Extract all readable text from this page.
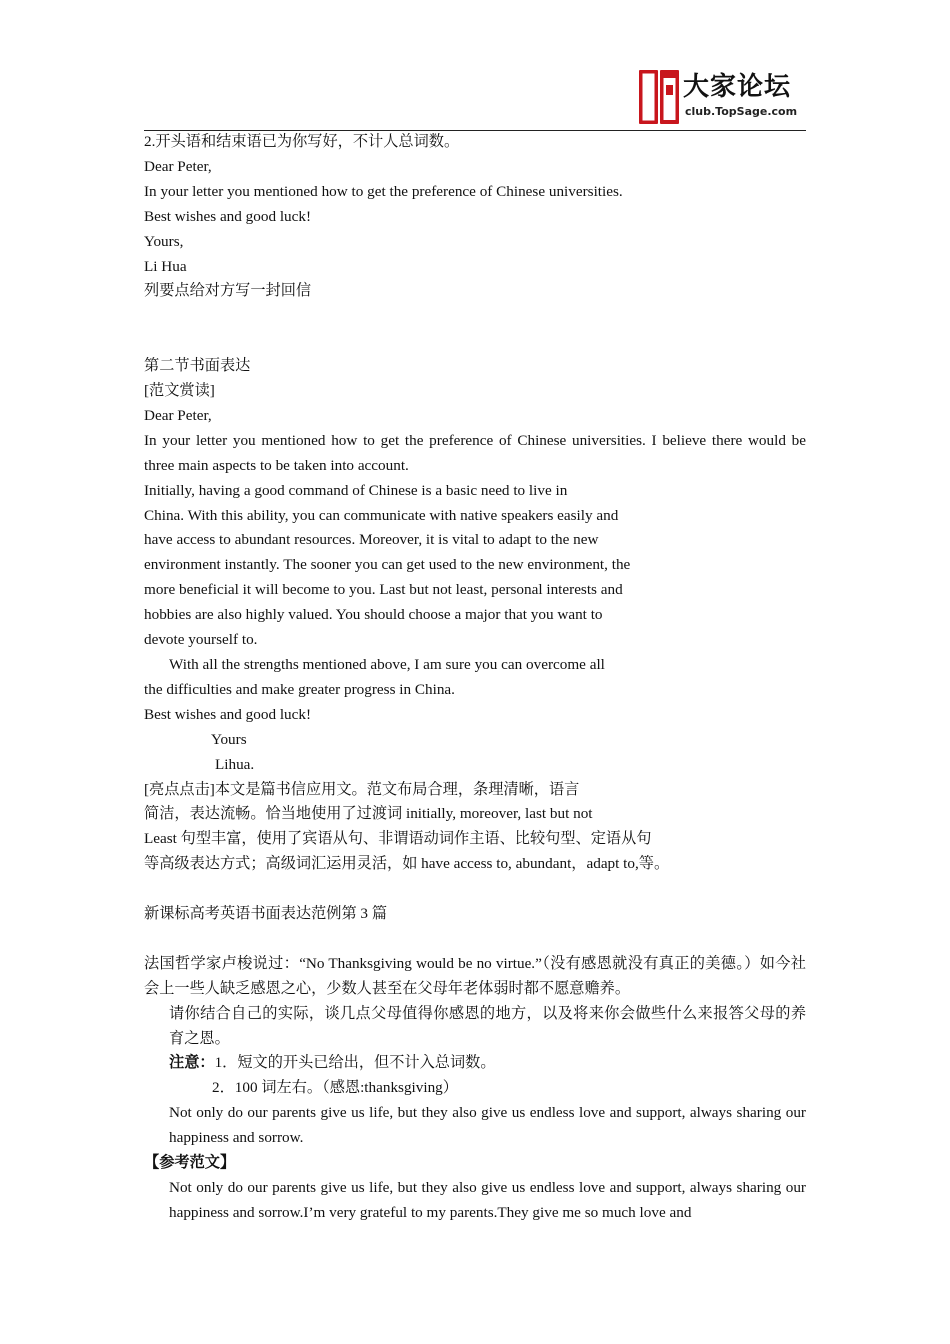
大家论坛
club.TopSage.com
2.开头语和结束语已为你写好，不计人总词数。
Dear Peter,
In your letter you mentioned how to get the preference of Chinese universities.
Best wishes and good luck!
Yours,
Li Hua
列要点给对方写一封回信
第二节书面表达
[范文赏读]
Dear Peter,
In your letter you mentioned how to get the preference of Chinese universities. I believe there would be three main aspects to be taken into account.
Initially, having a good command of Chinese is a basic need to live in
China. With this ability, you can communicate with native speakers easily and
have access to abundant resources. Moreover, it is vital to adapt to the new
environment instantly. The sooner you can get used to the new environment, the
more beneficial it will become to you. Last but not least, personal interests and
hobbies are also highly valued. You should choose a major that you want to
devote yourself to.
With all the strengths mentioned above, I am sure you can overcome all
the difficulties and make greater progress in China.
Best wishes and good luck!
Yours
Lihua.
[亮点点击]本文是篇书信应用文。范文布局合理，条理清晰，语言
简洁，表达流畅。恰当地使用了过渡词 initially, moreover, last but not
Least 句型丰富，使用了宾语从句、非谓语动词作主语、比较句型、定语从句
等高级表达方式；高级词汇运用灵活，如 have access to, abundant，adapt to,等。
新课标高考英语书面表达范例第 3 篇
法国哲学家卢梭说过：“No Thanksgiving would be no virtue.”（没有感恩就没有真正的美德。）如今社会上一些人缺乏感恩之心，少数人甚至在父母年老体弱时都不愿意赡养。
请你结合自己的实际，谈几点父母值得你感恩的地方，以及将来你会做些什么来报答父母的养育之恩。
注意：1．短文的开头已给出，但不计入总词数。
2．100 词左右。（感恩:thanksgiving）
Not only do our parents give us life, but they also give us endless love and support, always sharing our happiness and sorrow.
【参考范文】
Not only do our parents give us life, but they also give us endless love and support, always sharing our happiness and sorrow.I’m very grateful to my parents.They give me so much love and
